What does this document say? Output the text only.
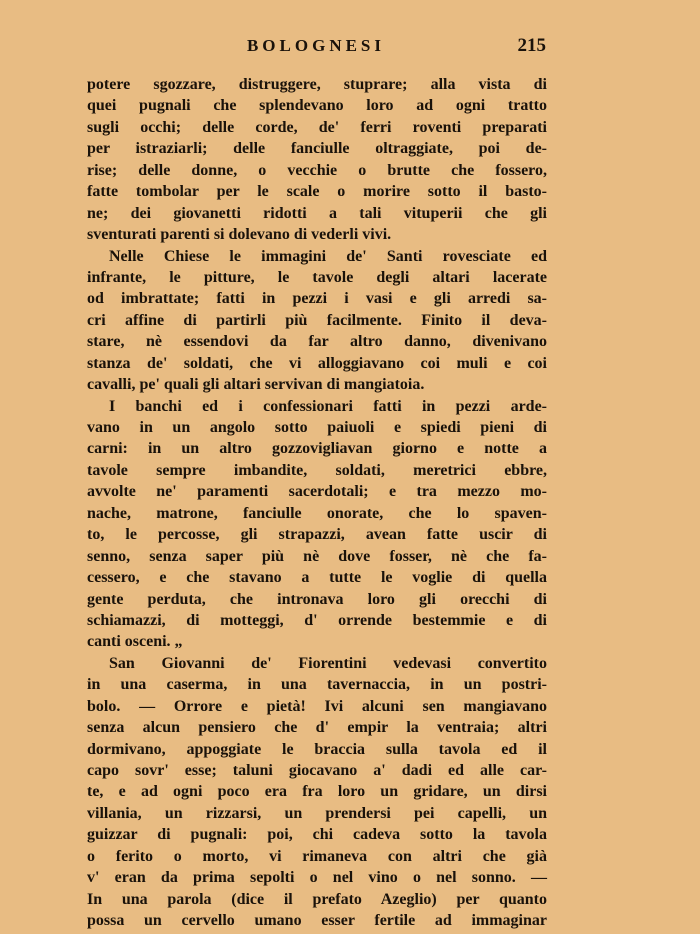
BOLOGNESI	215
potere sgozzare, distruggere, stuprare; alla vista di
quei pugnali che splendevano loro ad ogni tratto
sugli occhi; delle corde, de' ferri roventi preparati
per istraziarli; delle fanciulle oltraggiate, poi de-
rise; delle donne, o vecchie o brutte che fossero,
fatte tombolar per le scale o morire sotto il basto-
ne; dei giovanetti ridotti a tali vituperii che gli
sventurati parenti si dolevano di vederli vivi.
Nelle Chiese le immagini de' Santi rovesciate ed
infrante, le pitture, le tavole degli altari lacerate
od imbrattate; fatti in pezzi i vasi e gli arredi sa-
cri affine di partirli più facilmente. Finito il deva-
stare, nè essendovi da far altro danno, divenivano
stanza de' soldati, che vi alloggiavano coi muli e coi
cavalli, pe' quali gli altari servivan di mangiatoia.
I banchi ed i confessionari fatti in pezzi arde-
vano in un angolo sotto paiuoli e spiedi pieni di
carni: in un altro gozzovigliavan giorno e notte a
tavole sempre imbandite, soldati, meretrici ebbre,
avvolte ne' paramenti sacerdotali; e tra mezzo mo-
nache, matrone, fanciulle onorate, che lo spaven-
to, le percosse, gli strapazzi, avean fatte uscir di
senno, senza saper più nè dove fosser, nè che fa-
cessero, e che stavano a tutte le voglie di quella
gente perduta, che intronava loro gli orecchi di
schiamazzi, di motteggi, d' orrende bestemmie e di
canti osceni. „
San Giovanni de' Fiorentini vedevasi convertito
in una caserma, in una tavernaccia, in un postri-
bolo. — Orrore e pietà! Ivi alcuni sen mangiavano
senza alcun pensiero che d' empir la ventraia; altri
dormivano, appoggiate le braccia sulla tavola ed il
capo sovr' esse; taluni giocavano a' dadi ed alle car-
te, e ad ogni poco era fra loro un gridare, un dirsi
villania, un rizzarsi, un prendersi pei capelli, un
guizzar di pugnali: poi, chi cadeva sotto la tavola
o ferito o morto, vi rimaneva con altri che già
v' eran da prima sepolti o nel vino o nel sonno. —
In una parola (dice il prefato Azeglio) per quanto
possa un cervello umano esser fertile ad immaginar
